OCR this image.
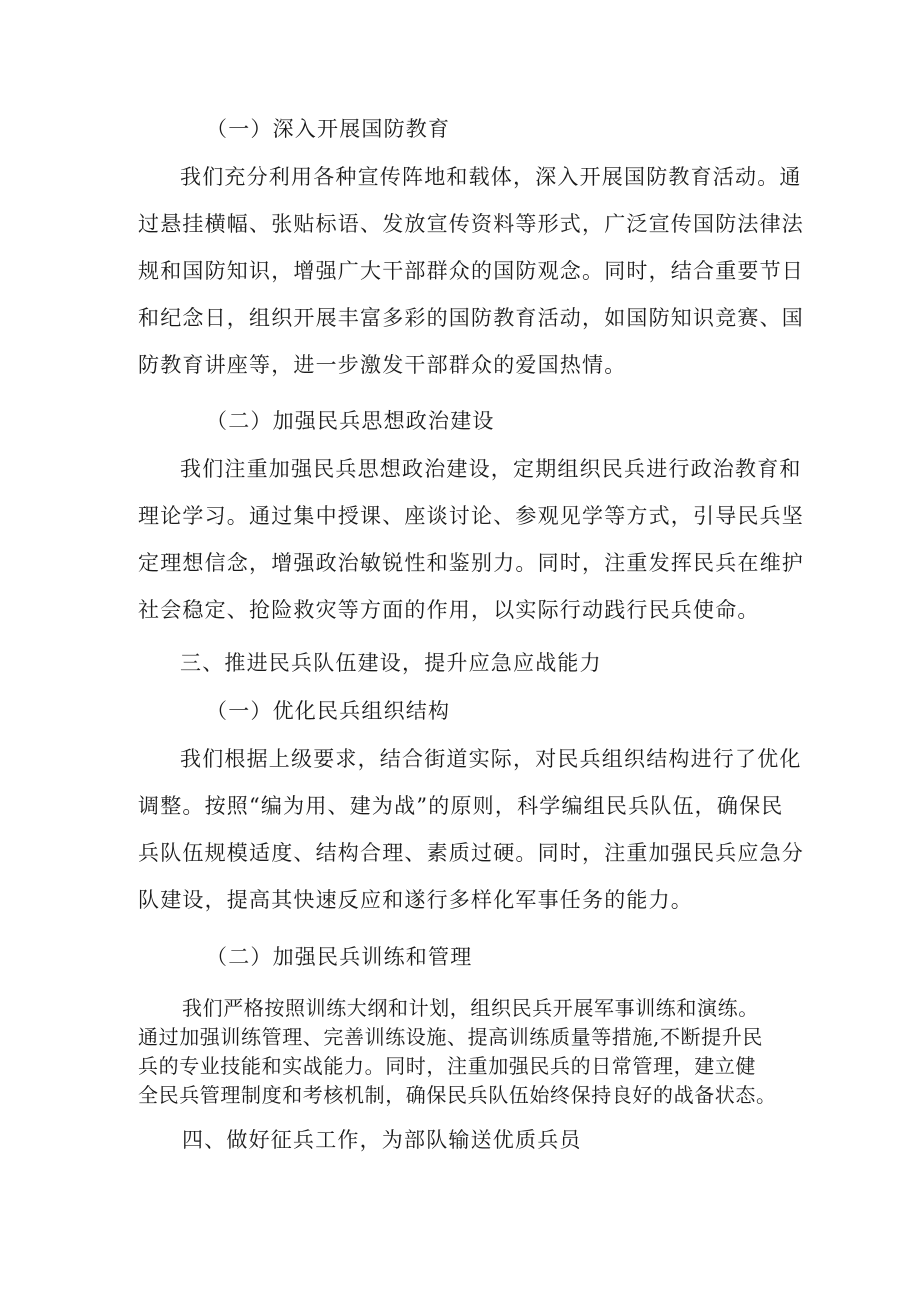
（一）深入开展国防教育
我们充分利用各种宣传阵地和载体，深入开展国防教育活动。通
过悬挂横幅、张贴标语、发放宣传资料等形式，广泛宣传国防法律法
规和国防知识，增强广大干部群众的国防观念。同时，结合重要节日
和纪念日，组织开展丰富多彩的国防教育活动，如国防知识竞赛、国
防教育讲座等，进一步激发干部群众的爱国热情。
（二）加强民兵思想政治建设
我们注重加强民兵思想政治建设，定期组织民兵进行政治教育和
理论学习。通过集中授课、座谈讨论、参观见学等方式，引导民兵坚
定理想信念，增强政治敏锐性和鉴别力。同时，注重发挥民兵在维护
社会稳定、抢险救灾等方面的作用，以实际行动践行民兵使命。
三、推进民兵队伍建设，提升应急应战能力
（一）优化民兵组织结构
我们根据上级要求，结合街道实际，对民兵组织结构进行了优化
调整。按照“编为用、建为战”的原则，科学编组民兵队伍，确保民
兵队伍规模适度、结构合理、素质过硬。同时，注重加强民兵应急分
队建设，提高其快速反应和遂行多样化军事任务的能力。
（二）加强民兵训练和管理
我们严格按照训练大纲和计划，组织民兵开展军事训练和演练。
通过加强训练管理、完善训练设施、提高训练质量等措施,不断提升民
兵的专业技能和实战能力。同时，注重加强民兵的日常管理，建立健
全民兵管理制度和考核机制，确保民兵队伍始终保持良好的战备状态。
四、做好征兵工作，为部队输送优质兵员
